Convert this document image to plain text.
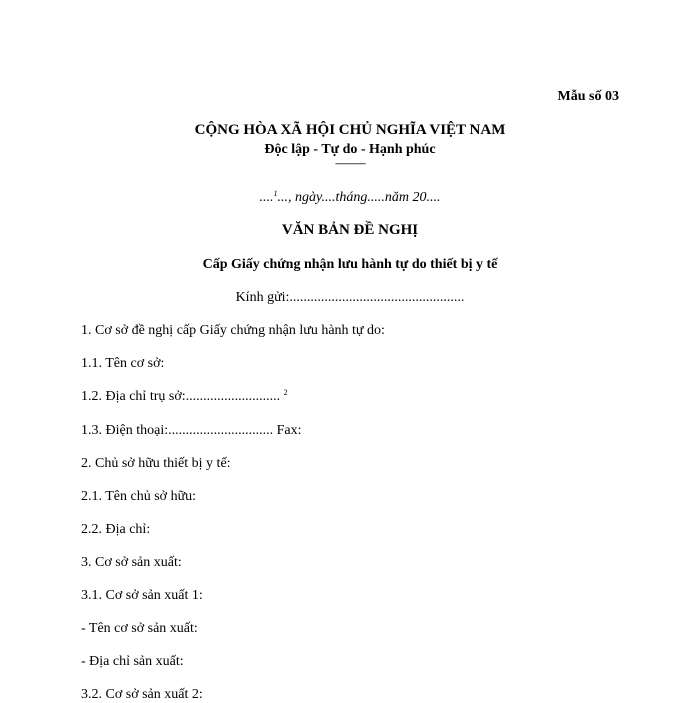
Mẫu số 03
CỘNG HÒA XÃ HỘI CHỦ NGHĨA VIỆT NAM
Độc lập - Tự do - Hạnh phúc
---------------
....$^1$..., ngày....tháng.....năm 20....
VĂN BẢN ĐỀ NGHỊ
Cấp Giấy chứng nhận lưu hành tự do thiết bị y tế
Kính gửi:..................................................
1. Cơ sở đề nghị cấp Giấy chứng nhận lưu hành tự do:
1.1. Tên cơ sở:
1.2. Địa chỉ trụ sở:........................... $^2$
1.3. Điện thoại:.............................. Fax:
2. Chủ sở hữu thiết bị y tế:
2.1. Tên chủ sở hữu:
2.2. Địa chỉ:
3. Cơ sở sản xuất:
3.1. Cơ sở sản xuất 1:
- Tên cơ sở sản xuất:
- Địa chỉ sản xuất:
3.2. Cơ sở sản xuất 2:
